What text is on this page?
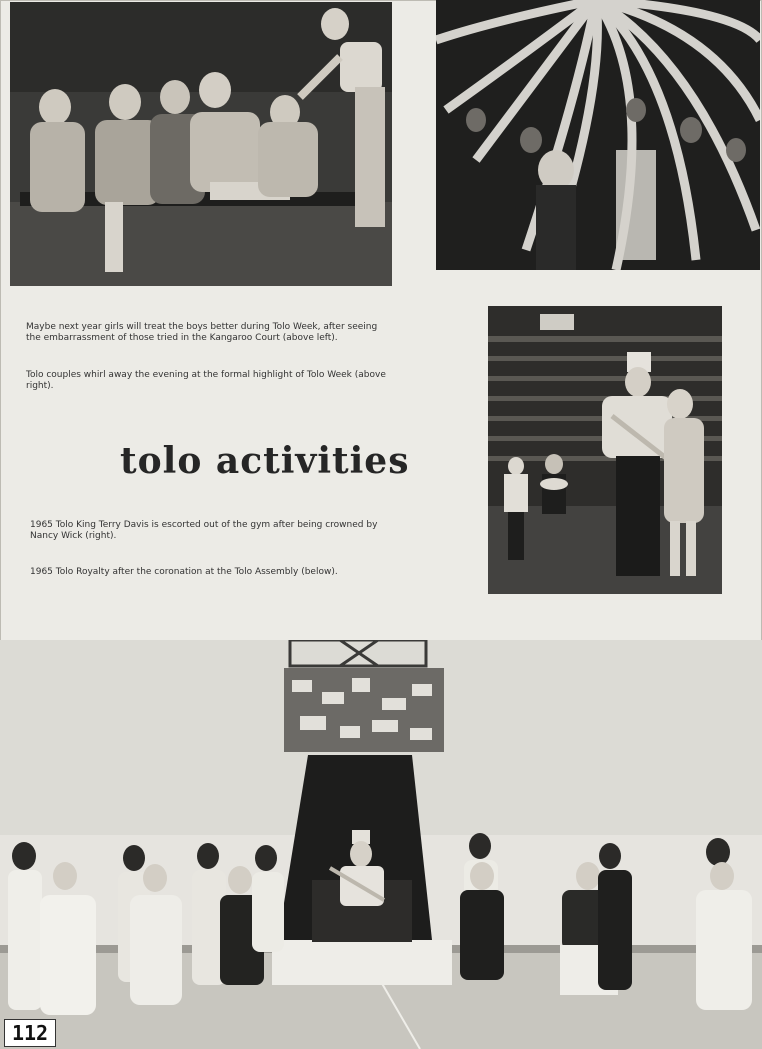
Maybe next year girls will treat the boys better during Tolo Week, after seeing the embarrassment of those tried in the Kangaroo Court (above left).

Tolo couples whirl away the evening at the formal highlight of Tolo Week (above right).

tolo activities

1965 Tolo King Terry Davis is escorted out of the gym after being crowned by Nancy Wick (right).

1965 Tolo Royalty after the coronation at the Tolo Assembly (below).

112
